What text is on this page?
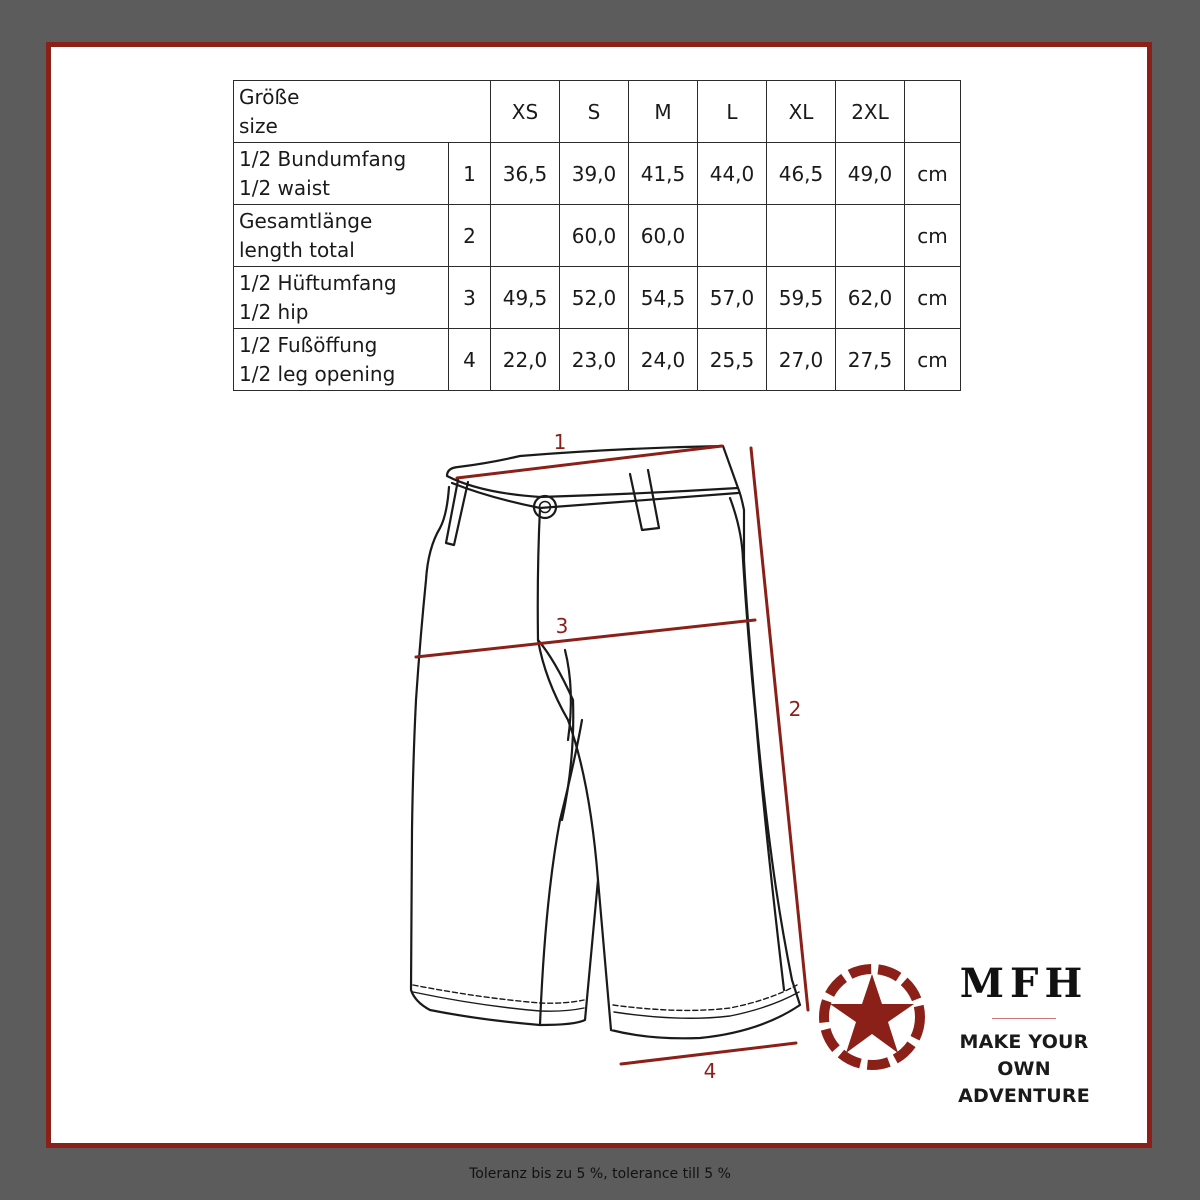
Größe
size		XS	S	M	L	XL	2XL	

1/2 Bundumfang
1/2 waist	1	36,5	39,0	41,5	44,0	46,5	49,0	cm

Gesamtlänge
length total	2		60,0	60,0				cm

1/2 Hüftumfang
1/2 hip	3	49,5	52,0	54,5	57,0	59,5	62,0	cm

1/2 Fußöffung
1/2 leg opening	4	22,0	23,0	24,0	25,5	27,0	27,5	cm
1
2
3
4
MFH
MAKE YOUR OWN
ADVENTURE
Toleranz bis zu 5 %, tolerance till 5 %
